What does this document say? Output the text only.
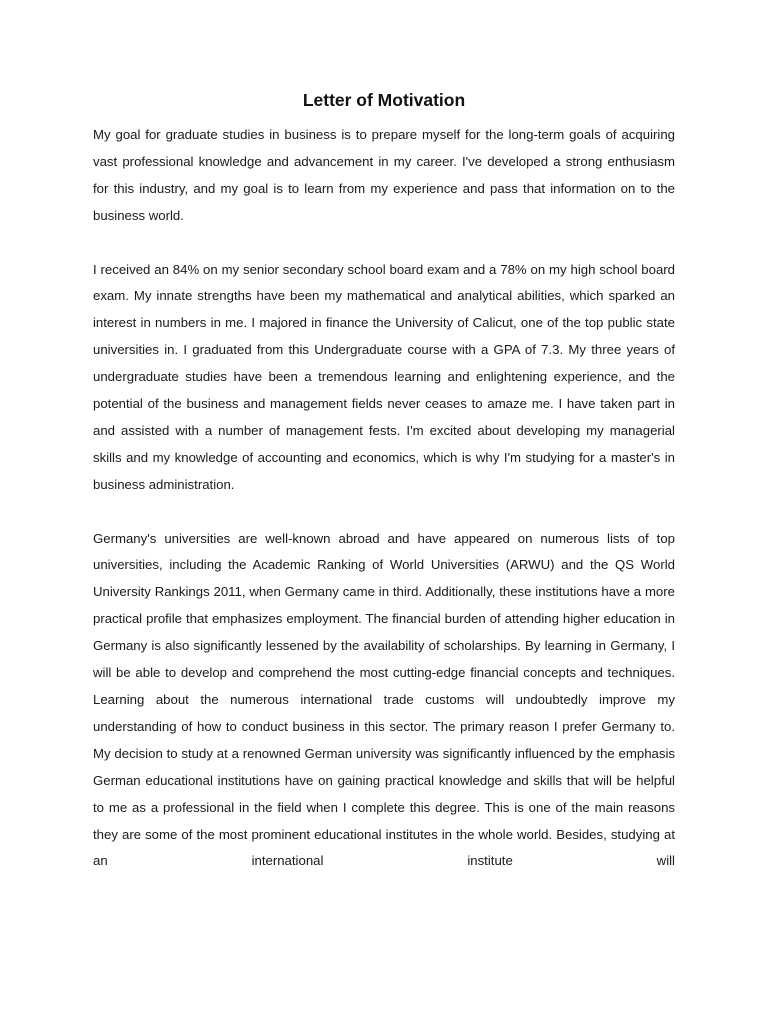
Letter of Motivation

My goal for graduate studies in business is to prepare myself for the long-term goals of acquiring vast professional knowledge and advancement in my career. I've developed a strong enthusiasm for this industry, and my goal is to learn from my experience and pass that information on to the business world.

I received an 84% on my senior secondary school board exam and a 78% on my high school board exam. My innate strengths have been my mathematical and analytical abilities, which sparked an interest in numbers in me. I majored in finance the University of Calicut, one of the top public state universities in. I graduated from this Undergraduate course with a GPA of 7.3. My three years of undergraduate studies have been a tremendous learning and enlightening experience, and the potential of the business and management fields never ceases to amaze me. I have taken part in and assisted with a number of management fests. I'm excited about developing my managerial skills and my knowledge of accounting and economics, which is why I'm studying for a master's in business administration.

Germany's universities are well-known abroad and have appeared on numerous lists of top universities, including the Academic Ranking of World Universities (ARWU) and the QS World University Rankings 2011, when Germany came in third. Additionally, these institutions have a more practical profile that emphasizes employment. The financial burden of attending higher education in Germany is also significantly lessened by the availability of scholarships. By learning in Germany, I will be able to develop and comprehend the most cutting-edge financial concepts and techniques. Learning about the numerous international trade customs will undoubtedly improve my understanding of how to conduct business in this sector. The primary reason I prefer Germany to. My decision to study at a renowned German university was significantly influenced by the emphasis German educational institutions have on gaining practical knowledge and skills that will be helpful to me as a professional in the field when I complete this degree. This is one of the main reasons they are some of the most prominent educational institutes in the whole world. Besides, studying at an international institute will
